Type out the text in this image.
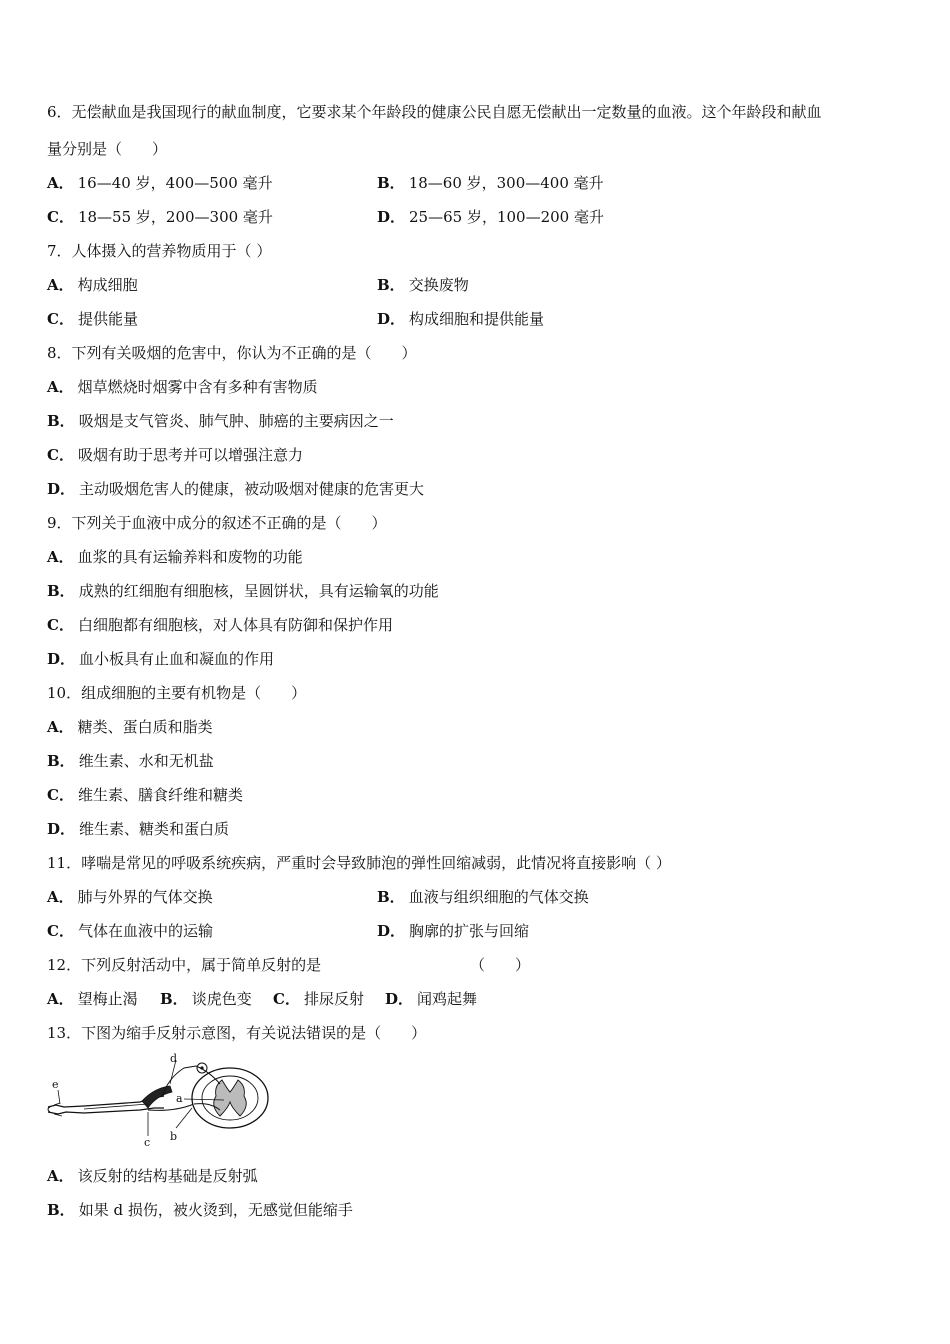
6．无偿献血是我国现行的献血制度，它要求某个年龄段的健康公民自愿无偿献出一定数量的血液。这个年龄段和献血
量分别是（　　）
A． 16—40 岁，400—500 毫升	B． 18—60 岁，300—400 毫升
C． 18—55 岁，200—300 毫升	D． 25—65 岁，100—200 毫升
7．人体摄入的营养物质用于（ ）
A． 构成细胞	B． 交换废物
C． 提供能量	D． 构成细胞和提供能量
8．下列有关吸烟的危害中，你认为不正确的是（　　）
A． 烟草燃烧时烟雾中含有多种有害物质
B． 吸烟是支气管炎、肺气肿、肺癌的主要病因之一
C． 吸烟有助于思考并可以增强注意力
D． 主动吸烟危害人的健康，被动吸烟对健康的危害更大
9．下列关于血液中成分的叙述不正确的是（　　）
A． 血浆的具有运输养料和废物的功能
B． 成熟的红细胞有细胞核，呈圆饼状，具有运输氧的功能
C． 白细胞都有细胞核，对人体具有防御和保护作用
D． 血小板具有止血和凝血的作用
10．组成细胞的主要有机物是（　　）
A． 糖类、蛋白质和脂类
B． 维生素、水和无机盐
C． 维生素、膳食纤维和糖类
D． 维生素、糖类和蛋白质
11．哮喘是常见的呼吸系统疾病，严重时会导致肺泡的弹性回缩减弱，此情况将直接影响（ ）
A． 肺与外界的气体交换	B． 血液与组织细胞的气体交换
C． 气体在血液中的运输	D． 胸廓的扩张与回缩
12．下列反射活动中，属于简单反射的是	（　　）
A． 望梅止渴 B． 谈虎色变 C． 排尿反射 D． 闻鸡起舞
13．下图为缩手反射示意图，有关说法错误的是（　　）
d
e
a
b
c
A． 该反射的结构基础是反射弧
B． 如果 d 损伤，被火烫到，无感觉但能缩手
